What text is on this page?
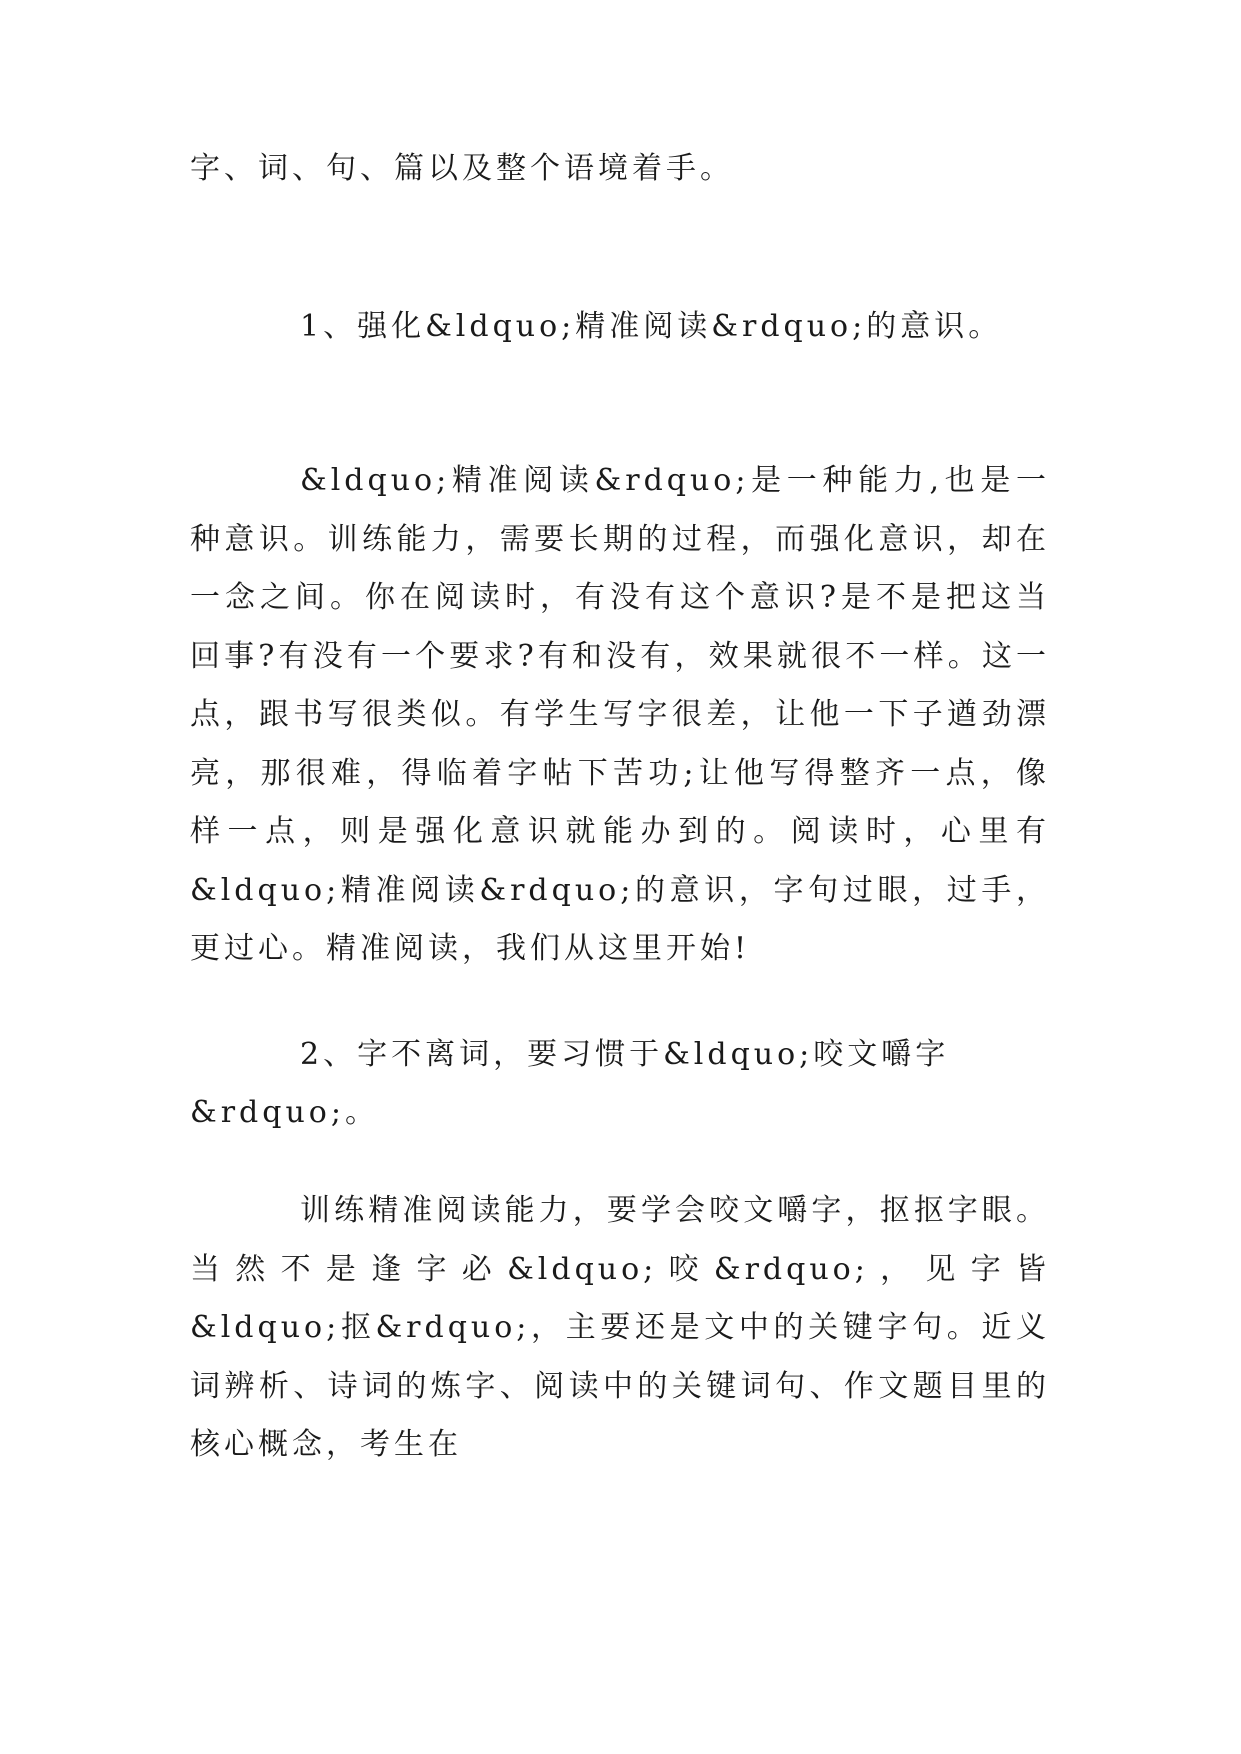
字、词、句、篇以及整个语境着手。
1、强化&ldquo;精准阅读&rdquo;的意识。
&ldquo;精准阅读&rdquo;是一种能力,也是一种意识。训练能力，需要长期的过程，而强化意识，却在一念之间。你在阅读时，有没有这个意识?是不是把这当回事?有没有一个要求?有和没有，效果就很不一样。这一点，跟书写很类似。有学生写字很差，让他一下子遒劲漂亮，那很难，得临着字帖下苦功;让他写得整齐一点，像样一点，则是强化意识就能办到的。阅读时，心里有&ldquo;精准阅读&rdquo;的意识，字句过眼，过手，更过心。精准阅读，我们从这里开始!
2、字不离词，要习惯于&ldquo;咬文嚼字&rdquo;。
训练精准阅读能力，要学会咬文嚼字，抠抠字眼。当然不是逢字必&ldquo;咬&rdquo;，见字皆&ldquo;抠&rdquo;，主要还是文中的关键字句。近义词辨析、诗词的炼字、阅读中的关键词句、作文题目里的核心概念，考生在
